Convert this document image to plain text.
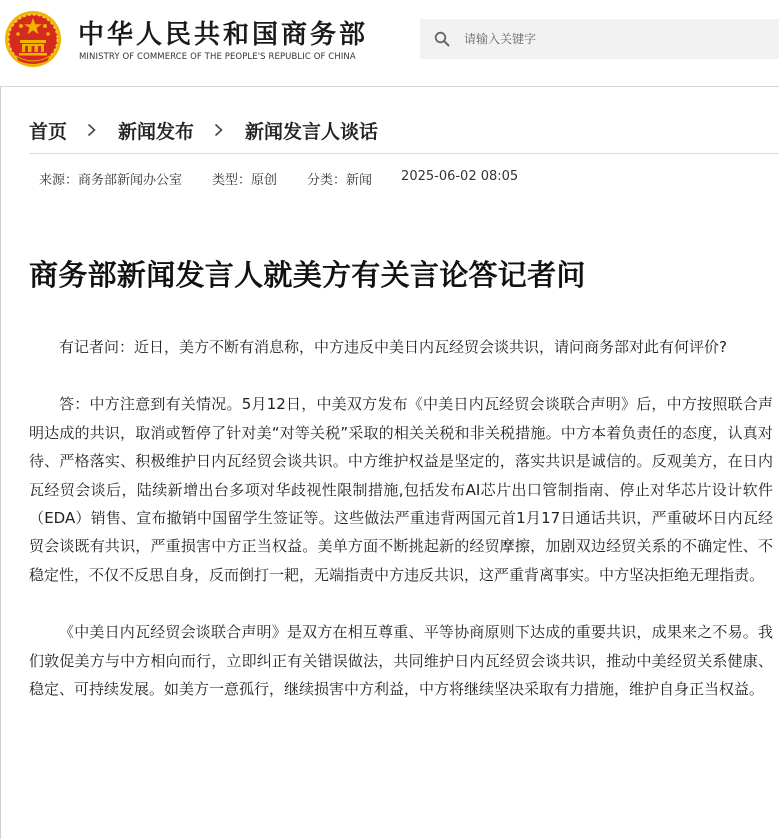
中华人民共和国商务部
MINISTRY OF COMMERCE OF THE PEOPLE'S REPUBLIC OF CHINA
请输入关键字
首页	新闻发布	新闻发言人谈话
来源：商务部新闻办公室 类型：原创 分类：新闻 2025-06-02 08:05
商务部新闻发言人就美方有关言论答记者问

有记者问：近日，美方不断有消息称，中方违反中美日内瓦经贸会谈共识，请问商务部对此有何评价?

答：中方注意到有关情况。5月12日，中美双方发布《中美日内瓦经贸会谈联合声明》后，中方按照联合声明达成的共识，取消或暂停了针对美“对等关税”采取的相关关税和非关税措施。中方本着负责任的态度，认真对待、严格落实、积极维护日内瓦经贸会谈共识。中方维护权益是坚定的，落实共识是诚信的。反观美方，在日内瓦经贸会谈后，陆续新增出台多项对华歧视性限制措施,包括发布AI芯片出口管制指南、停止对华芯片设计软件（EDA）销售、宣布撤销中国留学生签证等。这些做法严重违背两国元首1月17日通话共识，严重破坏日内瓦经贸会谈既有共识，严重损害中方正当权益。美单方面不断挑起新的经贸摩擦，加剧双边经贸关系的不确定性、不稳定性，不仅不反思自身，反而倒打一耙，无端指责中方违反共识，这严重背离事实。中方坚决拒绝无理指责。

《中美日内瓦经贸会谈联合声明》是双方在相互尊重、平等协商原则下达成的重要共识，成果来之不易。我们敦促美方与中方相向而行，立即纠正有关错误做法，共同维护日内瓦经贸会谈共识，推动中美经贸关系健康、稳定、可持续发展。如美方一意孤行，继续损害中方利益，中方将继续坚决采取有力措施，维护自身正当权益。
